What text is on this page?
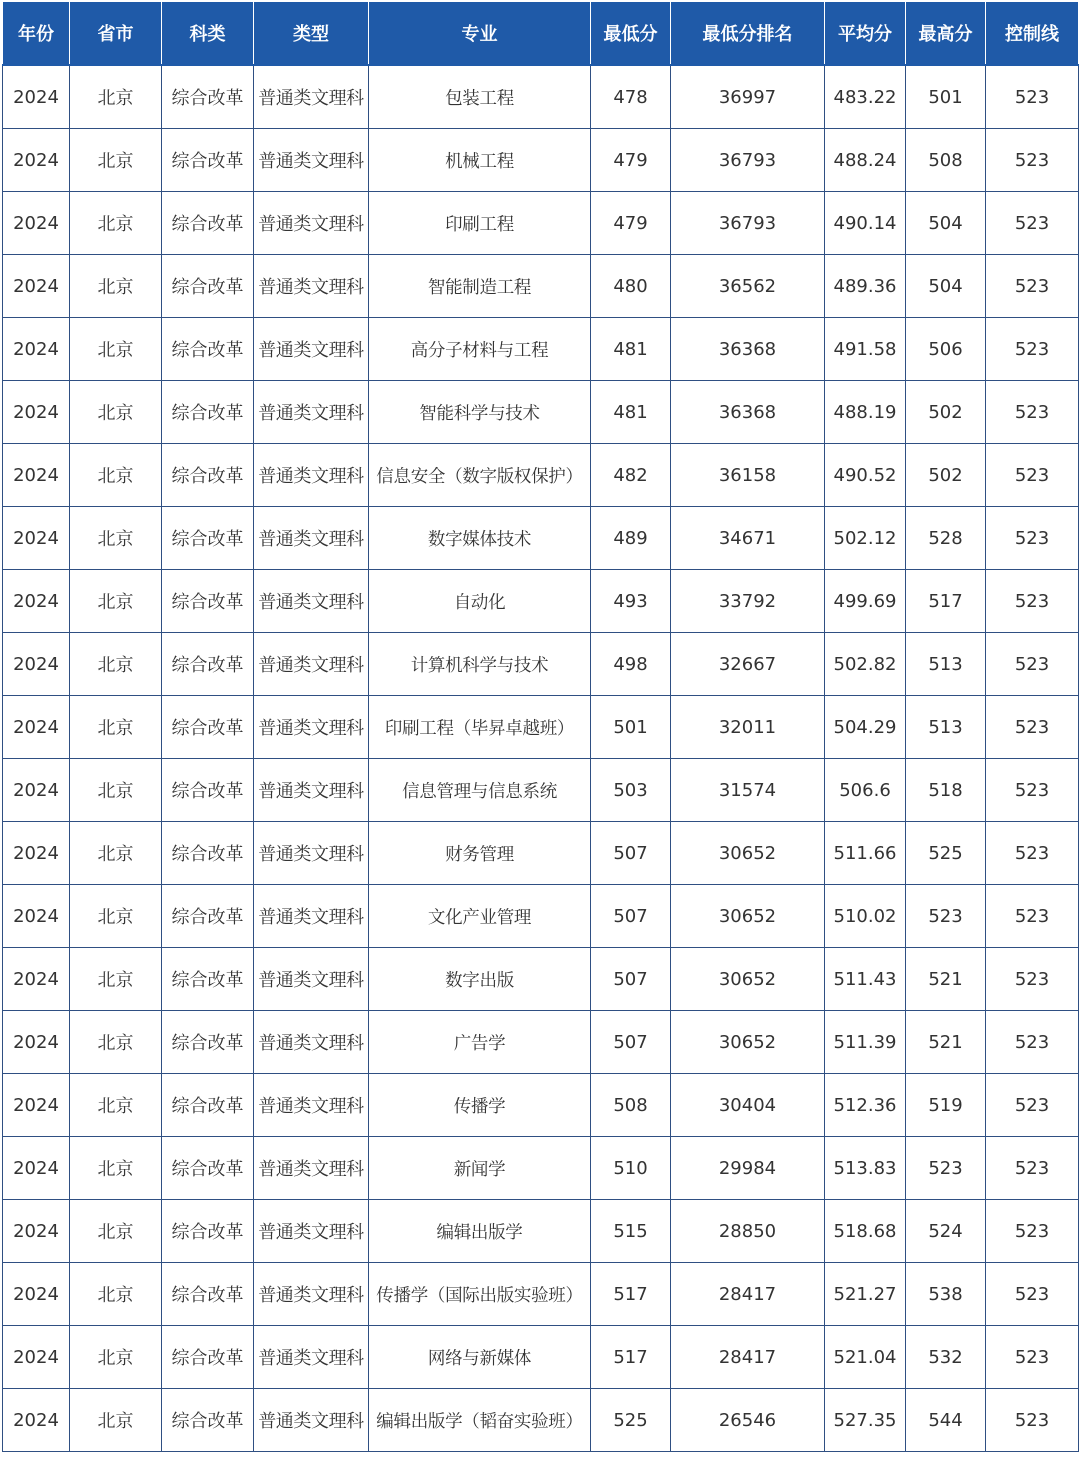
年份	省市	科类	类型	专业	最低分	最低分排名	平均分	最高分	控制线
2024	北京	综合改革	普通类文理科	包装工程	478	36997	483.22	501	523
2024	北京	综合改革	普通类文理科	机械工程	479	36793	488.24	508	523
2024	北京	综合改革	普通类文理科	印刷工程	479	36793	490.14	504	523
2024	北京	综合改革	普通类文理科	智能制造工程	480	36562	489.36	504	523
2024	北京	综合改革	普通类文理科	高分子材料与工程	481	36368	491.58	506	523
2024	北京	综合改革	普通类文理科	智能科学与技术	481	36368	488.19	502	523
2024	北京	综合改革	普通类文理科	信息安全（数字版权保护）	482	36158	490.52	502	523
2024	北京	综合改革	普通类文理科	数字媒体技术	489	34671	502.12	528	523
2024	北京	综合改革	普通类文理科	自动化	493	33792	499.69	517	523
2024	北京	综合改革	普通类文理科	计算机科学与技术	498	32667	502.82	513	523
2024	北京	综合改革	普通类文理科	印刷工程（毕昇卓越班）	501	32011	504.29	513	523
2024	北京	综合改革	普通类文理科	信息管理与信息系统	503	31574	506.6	518	523
2024	北京	综合改革	普通类文理科	财务管理	507	30652	511.66	525	523
2024	北京	综合改革	普通类文理科	文化产业管理	507	30652	510.02	523	523
2024	北京	综合改革	普通类文理科	数字出版	507	30652	511.43	521	523
2024	北京	综合改革	普通类文理科	广告学	507	30652	511.39	521	523
2024	北京	综合改革	普通类文理科	传播学	508	30404	512.36	519	523
2024	北京	综合改革	普通类文理科	新闻学	510	29984	513.83	523	523
2024	北京	综合改革	普通类文理科	编辑出版学	515	28850	518.68	524	523
2024	北京	综合改革	普通类文理科	传播学（国际出版实验班）	517	28417	521.27	538	523
2024	北京	综合改革	普通类文理科	网络与新媒体	517	28417	521.04	532	523
2024	北京	综合改革	普通类文理科	编辑出版学（韬奋实验班）	525	26546	527.35	544	523
